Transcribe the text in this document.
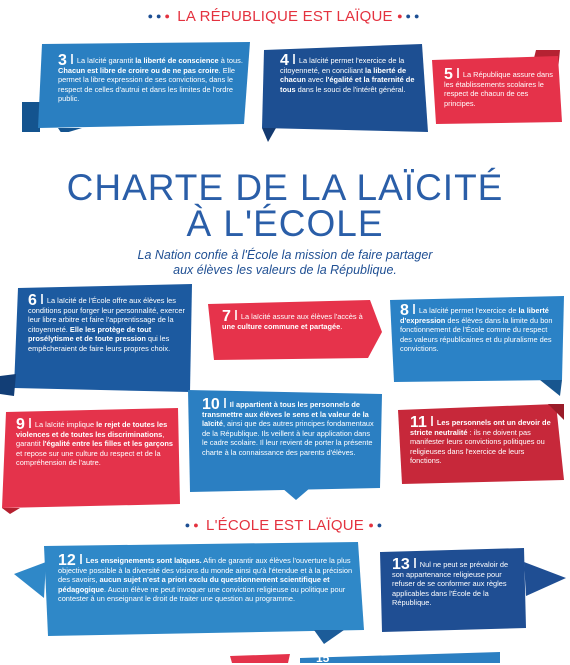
●●● LA RÉPUBLIQUE EST LAÏQUE ●●●
3 La laïcité garantit la liberté de conscience à tous. Chacun est libre de croire ou de ne pas croire. Elle permet la libre expression de ses convictions, dans le respect de celles d'autrui et dans les limites de l'ordre public.
4 La laïcité permet l'exercice de la citoyenneté, en conciliant la liberté de chacun avec l'égalité et la fraternité de tous dans le souci de l'intérêt général.
5 La République assure dans les établissements scolaires le respect de chacun de ces principes.
CHARTE DE LA LAÏCITÉ
À L'ÉCOLE
La Nation confie à l'École la mission de faire partager
aux élèves les valeurs de la République.
6 La laïcité de l'École offre aux élèves les conditions pour forger leur personnalité, exercer leur libre arbitre et faire l'apprentissage de la citoyenneté. Elle les protège de tout prosélytisme et de toute pression qui les empêcheraient de faire leurs propres choix.
7 La laïcité assure aux élèves l'accès à une culture commune et partagée.
8 La laïcité permet l'exercice de la liberté d'expression des élèves dans la limite du bon fonctionnement de l'École comme du respect des valeurs républicaines et du pluralisme des convictions.
9 La laïcité implique le rejet de toutes les violences et de toutes les discriminations, garantit l'égalité entre les filles et les garçons et repose sur une culture du respect et de la compréhension de l'autre.
10 Il appartient à tous les personnels de transmettre aux élèves le sens et la valeur de la laïcité, ainsi que des autres principes fondamentaux de la République. Ils veillent à leur application dans le cadre scolaire. Il leur revient de porter la présente charte à la connaissance des parents d'élèves.
11 Les personnels ont un devoir de stricte neutralité : ils ne doivent pas manifester leurs convictions politiques ou religieuses dans l'exercice de leurs fonctions.
●● L'ÉCOLE EST LAÏQUE ●●
12 Les enseignements sont laïques. Afin de garantir aux élèves l'ouverture la plus objective possible à la diversité des visions du monde ainsi qu'à l'étendue et à la précision des savoirs, aucun sujet n'est a priori exclu du questionnement scientifique et pédagogique. Aucun élève ne peut invoquer une conviction religieuse ou politique pour contester à un enseignant le droit de traiter une question au programme.
13 Nul ne peut se prévaloir de son appartenance religieuse pour refuser de se conformer aux règles applicables dans l'École de la République.
15
